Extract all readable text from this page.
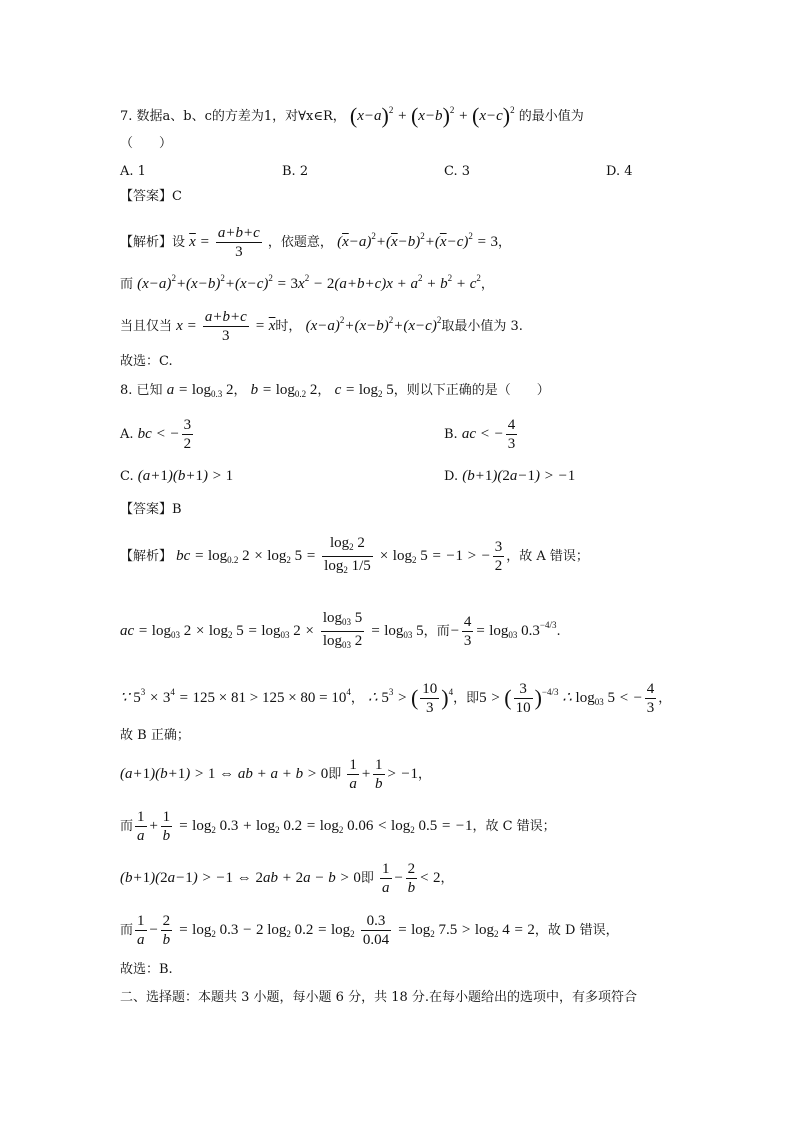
7. 数据a、b、c的方差为1，对∀x∈R， $(x-a)^2 + (x-b)^2 + (x-c)^2$ 的最小值为
（　　）
A. 1	B. 2	C. 3	D. 4
【答案】C
【解析】设 $\overline{x} = \frac{a+b+c}{3}$ ，依题意， $(\overline{x}-a)^2+(\overline{x}-b)^2+(\overline{x}-c)^2 = 3$，
而 $(x-a)^2+(x-b)^2+(x-c)^2 = 3x^2 - 2(a+b+c)x + a^2 + b^2 + c^2$，
当且仅当 $x = \frac{a+b+c}{3} = \overline{x}$时， $(x-a)^2+(x-b)^2+(x-c)^2$取最小值为 3.
故选：C.
8. 已知 $a = \log_{0.3} 2$， $b = \log_{0.2} 2$， $c = \log_2 5$，则以下正确的是（　　）
A. bc < − $\frac{3}{2}$	B. ac < − $\frac{4}{3}$
C. (a+1)(b+1) > 1	D. (b+1)(2a−1) > −1
【答案】B
【解析】 bc = $\log_{0.2} 2 \times \log_2 5 = \frac{\log_2 2}{\log_2 1/5} \times \log_2 5 = -1$ > − $\frac{3}{2}$ ，故 A 错误；
ac = $\log_{03} 2 \times \log_2 5 = \log_{03} 2 \times \frac{\log_{03} 5}{\log_{03} 2} = \log_{03} 5$，而− $\frac{4}{3} = \log_{03} 0.3^{-4/3}$.
∵ $5^3 \times 3^4 = 125 \times 81 > 125 \times 80 = 10^4$， ∴ $5^3$ > ( $\frac{10}{3} )^4$，即5 > ( $\frac{3}{10} )^{-4/3}$ ∴ $\log_{03} 5$ < − $\frac{4}{3}$ ，
故 B 正确；
(a+1)(b+1) > 1 ⇔ ab + a + b > 0即 $\frac{1}{a} + \frac{1}{b} > -1$，
而 $\frac{1}{a} + \frac{1}{b} = \log_2 0.3 + \log_2 0.2 = \log_2 0.06 < \log_2 0.5 = -1$，故 C 错误；
(b+1)(2a−1) > −1 ⇔ 2ab + 2a − b > 0即 $\frac{1}{a} - \frac{2}{b} < 2$，
而 $\frac{1}{a} - \frac{2}{b} = \log_2 0.3 - 2$ $\log_2 0.2 = \log_2 \frac{0.3}{0.04} = \log_2 7.5 > \log_2 4 = 2$，故 D 错误，
故选：B.
二、选择题：本题共 3 小题，每小题 6 分，共 18 分.在每小题给出的选项中，有多项符合
